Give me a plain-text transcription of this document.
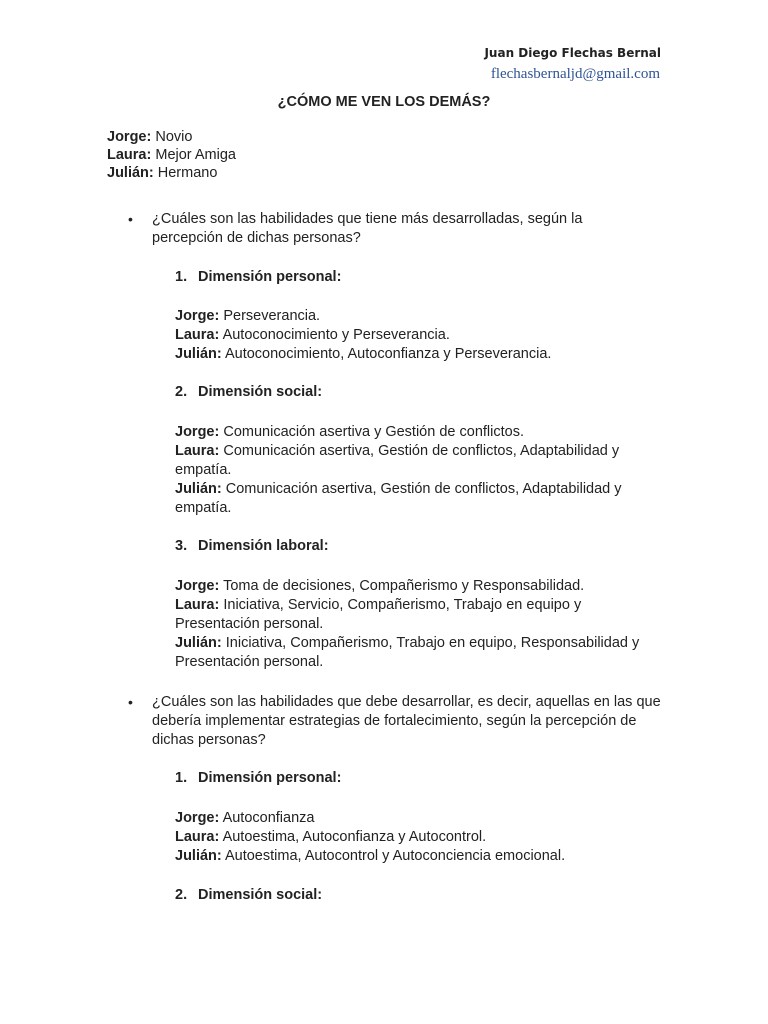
Juan Diego Flechas Bernal
flechasbernaljd@gmail.com
¿CÓMO ME VEN LOS DEMÁS?
Jorge: Novio
Laura: Mejor Amiga
Julián: Hermano
• ¿Cuáles son las habilidades que tiene más desarrolladas, según la percepción de dichas personas?
1. Dimensión personal:
Jorge: Perseverancia.
Laura: Autoconocimiento y Perseverancia.
Julián: Autoconocimiento, Autoconfianza y Perseverancia.
2. Dimensión social:
Jorge: Comunicación asertiva y Gestión de conflictos.
Laura: Comunicación asertiva, Gestión de conflictos, Adaptabilidad y empatía.
Julián: Comunicación asertiva, Gestión de conflictos, Adaptabilidad y empatía.
3. Dimensión laboral:
Jorge: Toma de decisiones, Compañerismo y Responsabilidad.
Laura: Iniciativa, Servicio, Compañerismo, Trabajo en equipo y Presentación personal.
Julián: Iniciativa, Compañerismo, Trabajo en equipo, Responsabilidad y Presentación personal.
• ¿Cuáles son las habilidades que debe desarrollar, es decir, aquellas en las que debería implementar estrategias de fortalecimiento, según la percepción de dichas personas?
1. Dimensión personal:
Jorge: Autoconfianza
Laura: Autoestima, Autoconfianza y Autocontrol.
Julián: Autoestima, Autocontrol y Autoconciencia emocional.
2. Dimensión social:
